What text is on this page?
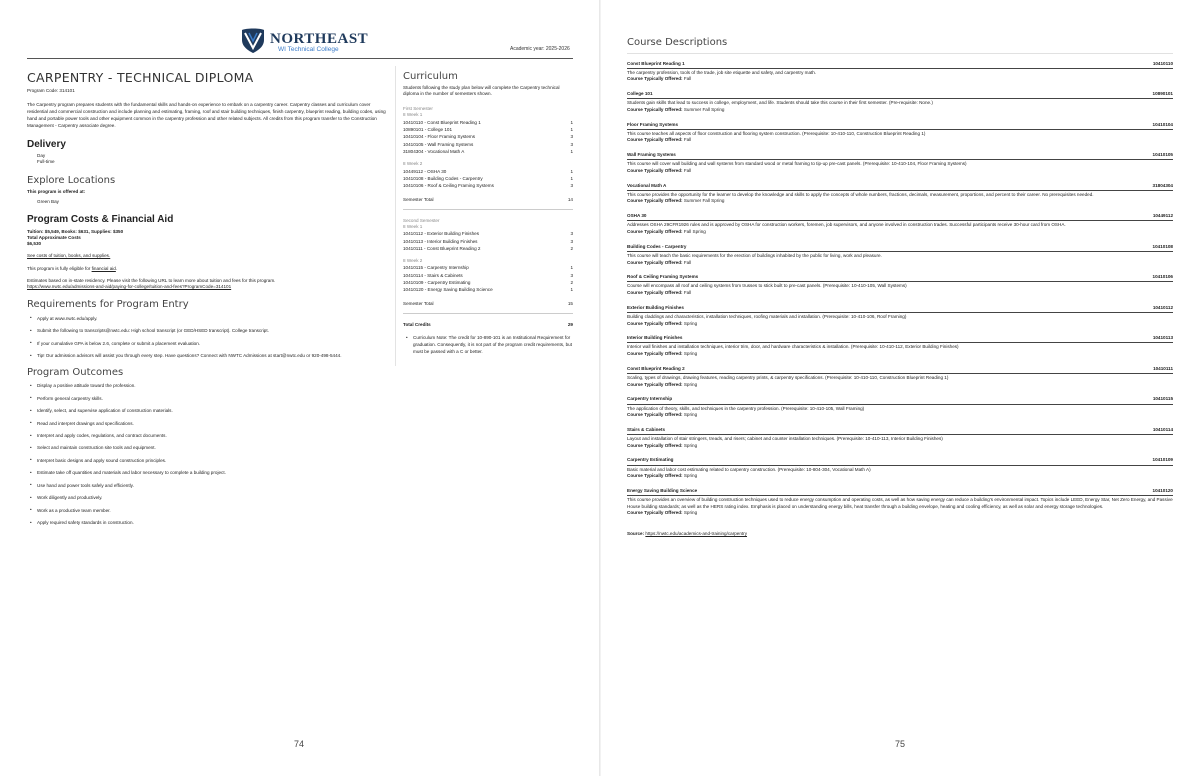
NORTHEAST
WI Technical College	Academic year: 2025-2026
CARPENTRY - TECHNICAL DIPLOMA
Program Code: 314101

The Carpentry program prepares students with the fundamental skills and hands-on experience to embark on a carpentry career. Carpentry classes and curriculum cover residential and commercial construction and include planning and estimating, framing, roof and stair building techniques, finish carpentry, blueprint reading, building codes, using hand and portable power tools and other equipment common in the carpentry profession and other related subjects. All credits from this program transfer to the Construction Management - Carpentry associate degree.

Delivery
Day
Full-time
Explore Locations
This program is offered at:
Green Bay
Program Costs & Financial Aid
Tuition: $5,549, Books: $631, Supplies: $350
Total Approximate Costs
$6,530
See costs of tuition, books, and supplies.
This program is fully eligible for financial aid.
Estimates based on in-state residency. Please visit the following URL to learn more about tuition and fees for this program.
https://www.nwtc.edu/admissions-and-aid/paying-for-college/tuition-and-fees?ProgramCode=314101
Requirements for Program Entry
• Apply at www.nwtc.edu/apply.
• Submit the following to transcripts@nwtc.edu: High school transcript (or GED/HSED transcript). College transcript.
• If your cumulative GPA is below 2.6, complete or submit a placement evaluation.
• Tip! Our admission advisors will assist you through every step. Have questions? Connect with NWTC Admissions at start@nwtc.edu or 920-498-5444.
Program Outcomes
• Display a positive attitude toward the profession.
• Perform general carpentry skills.
• Identify, select, and supervise application of construction materials.
• Read and interpret drawings and specifications.
• Interpret and apply codes, regulations, and contract documents.
• Select and maintain construction site tools and equipment.
• Interpret basic designs and apply sound construction principles.
• Estimate take off quantities and materials and labor necessary to complete a building project.
• Use hand and power tools safely and efficiently.
• Work diligently and productively.
• Work as a productive team member.
• Apply required safety standards in construction.
Curriculum
Students following the study plan below will complete the Carpentry technical diploma in the number of semesters shown.
First Semester
8 Week 1
10410110 - Const Blueprint Reading 1	1
10890101 - College 101	1
10410104 - Floor Framing Systems	3
10410105 - Wall Framing Systems	3
31804304 - Vocational Math A	1
8 Week 2
10449112 - OSHA 30	1
10410108 - Building Codes - Carpentry	1
10410106 - Roof & Ceiling Framing Systems	3
Semester Total	14
Second Semester
8 Week 1
10410112 - Exterior Building Finishes	3
10410113 - Interior Building Finishes	3
10410111 - Const Blueprint Reading 2	2
8 Week 2
10410115 - Carpentry Internship	1
10410114 - Stairs & Cabinets	3
10410109 - Carpentry Estimating	2
10410120 - Energy Saving Building Science	1
Semester Total	15
Total Credits	29
• Curriculum Note: The credit for 10-890-101 is an Institutional Requirement for graduation. Consequently, it is not part of the program credit requirements, but must be passed with a C or better.
74
Course Descriptions
Const Blueprint Reading 1	10410110
The carpentry profession, tools of the trade, job site etiquette and safety, and carpentry math.
Course Typically Offered: Fall
College 101	10890101
Students gain skills that lead to success in college, employment, and life. Students should take this course in their first semester. (Pre-requisite: None.)
Course Typically Offered: Summer Fall Spring
Floor Framing Systems	10410104
This course teaches all aspects of floor construction and flooring system construction. (Prerequisite: 10-410-110, Construction Blueprint Reading 1)
Course Typically Offered: Fall
Wall Framing Systems	10410105
This course will cover wall building and wall systems from standard wood or metal framing to tip-up pre-cast panels. (Prerequisite: 10-410-104, Floor Framing Systems)
Course Typically Offered: Fall
Vocational Math A	31804304
This course provides the opportunity for the learner to develop the knowledge and skills to apply the concepts of whole numbers, fractions, decimals, measurement, proportions, and percent to their career. No prerequisites needed.
Course Typically Offered: Summer Fall Spring
OSHA 30	10449112
Addresses OSHA 29CFR1926 rules and is approved by OSHA for construction workers, foremen, job supervisors, and anyone involved in construction trades. Successful participants receive 30-hour card from OSHA.
Course Typically Offered: Fall Spring
Building Codes - Carpentry	10410108
This course will teach the basic requirements for the erection of buildings inhabited by the public for living, work and pleasure.
Course Typically Offered: Fall
Roof & Ceiling Framing Systems	10410106
Course will encompass all roof and ceiling systems from trusses to stick built to pre-cast panels. (Prerequisite: 10-410-105, Wall Systems)
Course Typically Offered: Fall
Exterior Building Finishes	10410112
Building claddings and characteristics, installation techniques, roofing materials and installation. (Prerequisite: 10-410-106, Roof Framing)
Course Typically Offered: Spring
Interior Building Finishes	10410113
Interior wall finishes and installation techniques, interior trim, door, and hardware characteristics & installation. (Prerequisite: 10-410-112, Exterior Building Finishes)
Course Typically Offered: Spring
Const Blueprint Reading 2	10410111
Scaling, types of drawings, drawing features, reading carpentry prints, & carpentry specifications. (Prerequisite: 10-410-110, Construction Blueprint Reading 1)
Course Typically Offered: Spring
Carpentry Internship	10410115
The application of theory, skills, and techniques in the carpentry profession. (Prerequisite: 10-410-105, Wall Framing)
Course Typically Offered: Spring
Stairs & Cabinets	10410114
Layout and installation of stair stringers, treads, and risers; cabinet and counter installation techniques. (Prerequisite: 10-410-113, Interior Building Finishes)
Course Typically Offered: Spring
Carpentry Estimating	10410109
Basic material and labor cost estimating related to carpentry construction. (Prerequisite: 10-804-304, Vocational Math A)
Course Typically Offered: Spring
Energy Saving Building Science	10410120
This course provides an overview of building construction techniques used to reduce energy consumption and operating costs, as well as how saving energy can reduce a building's environmental impact. Topics include LEED, Energy Star, Net Zero Energy, and Passive House building standards; as well as the HERS rating index. Emphasis is placed on understanding energy bills, heat transfer through a building envelope, heating and cooling efficiency, as well as solar and energy storage technologies.
Course Typically Offered: Spring
Source: https://nwtc.edu/academics-and-training/carpentry
75
